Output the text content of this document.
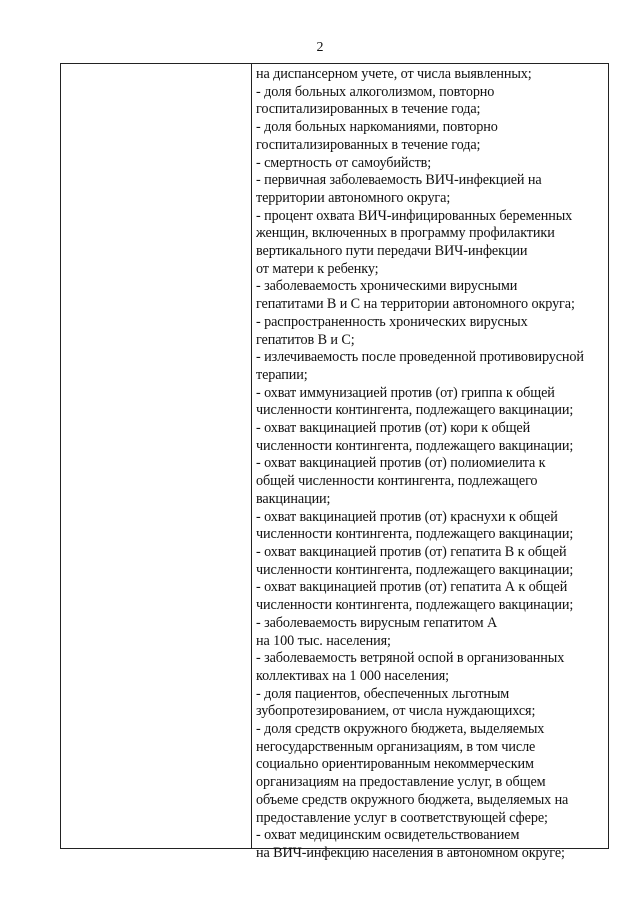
2
на диспансерном учете, от числа выявленных;
- доля больных алкоголизмом, повторно
госпитализированных в течение года;
- доля больных наркоманиями, повторно
госпитализированных в течение года;
- смертность от самоубийств;
- первичная заболеваемость ВИЧ-инфекцией на
территории автономного округа;
- процент охвата ВИЧ-инфицированных беременных
женщин, включенных в программу профилактики
вертикального пути передачи ВИЧ-инфекции
от матери к ребенку;
- заболеваемость хроническими вирусными
гепатитами В и С на территории автономного округа;
- распространенность хронических вирусных
гепатитов В и С;
- излечиваемость после проведенной противовирусной
терапии;
- охват иммунизацией против (от) гриппа к общей
численности контингента, подлежащего вакцинации;
- охват вакцинацией против (от) кори к общей
численности контингента, подлежащего вакцинации;
- охват вакцинацией против (от) полиомиелита к
общей численности контингента, подлежащего
вакцинации;
- охват вакцинацией против (от) краснухи к общей
численности контингента, подлежащего вакцинации;
- охват вакцинацией против (от) гепатита В к общей
численности контингента, подлежащего вакцинации;
- охват вакцинацией против (от) гепатита А к общей
численности контингента, подлежащего вакцинации;
- заболеваемость вирусным гепатитом А
на 100 тыс. населения;
- заболеваемость ветряной оспой в организованных
коллективах на 1 000 населения;
- доля пациентов, обеспеченных льготным
зубопротезированием, от числа нуждающихся;
- доля средств окружного бюджета, выделяемых
негосударственным организациям, в том числе
социально ориентированным некоммерческим
организациям на предоставление услуг, в общем
объеме средств окружного бюджета, выделяемых на
предоставление услуг в соответствующей сфере;
- охват медицинским освидетельствованием
на ВИЧ-инфекцию населения в автономном округе;
